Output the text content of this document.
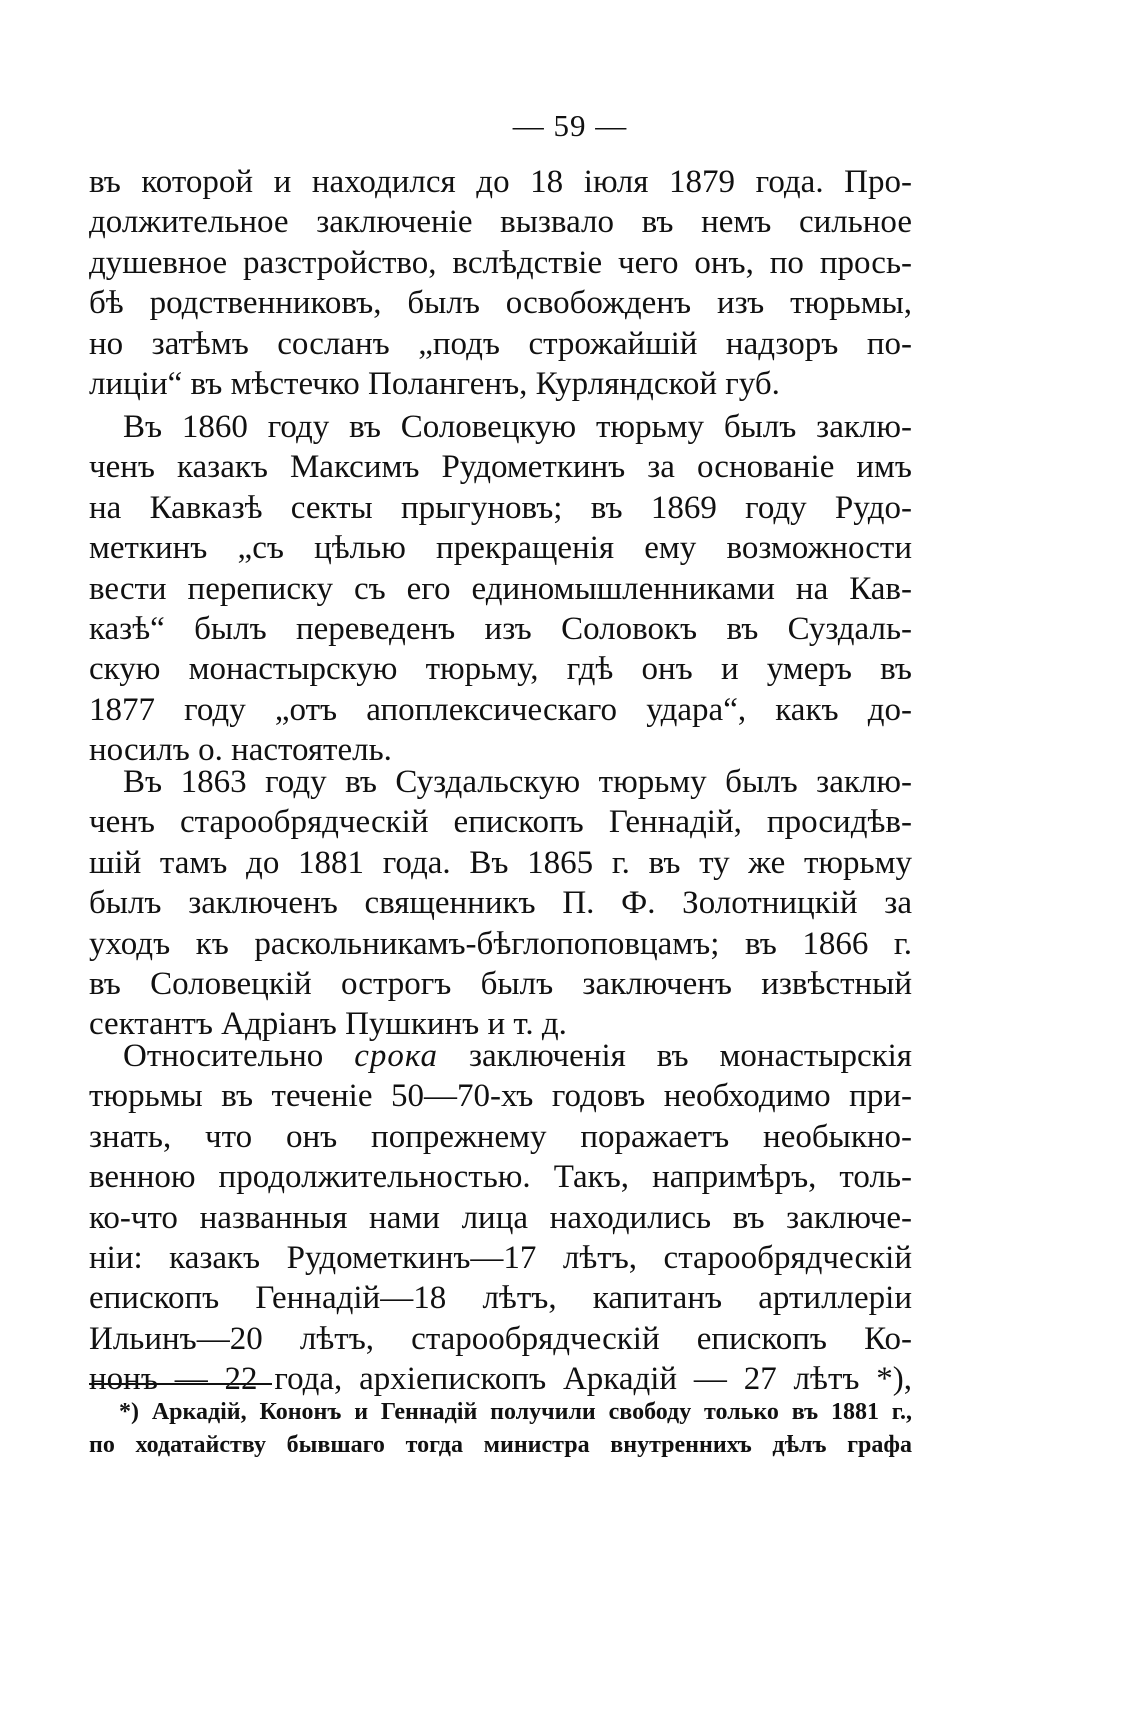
— 59 —
въ которой и находился до 18 іюля 1879 года. Про-
должительное заключеніе вызвало въ немъ сильное
душевное разстройство, вслѣдствіе чего онъ, по прось-
бѣ родственниковъ, былъ освобожденъ изъ тюрьмы,
но затѣмъ сосланъ „подъ строжайшій надзоръ по-
лиціи“ въ мѣстечко Полангенъ, Курляндской губ.
Въ 1860 году въ Соловецкую тюрьму былъ заклю-
ченъ казакъ Максимъ Рудометкинъ за основаніе имъ
на Кавказѣ секты прыгуновъ; въ 1869 году Рудо-
меткинъ „съ цѣлью прекращенія ему возможности
вести переписку съ его единомышленниками на Кав-
казѣ“ былъ переведенъ изъ Соловокъ въ Суздаль-
скую монастырскую тюрьму, гдѣ онъ и умеръ въ
1877 году „отъ апоплексическаго удара“, какъ до-
носилъ о. настоятель.
Въ 1863 году въ Суздальскую тюрьму былъ заклю-
ченъ старообрядческій епископъ Геннадій, просидѣв-
шій тамъ до 1881 года. Въ 1865 г. въ ту же тюрьму
былъ заключенъ священникъ П. Ф. Золотницкій за
уходъ къ раскольникамъ-бѣглопоповцамъ; въ 1866 г.
въ Соловецкій острогъ былъ заключенъ извѣстный
сектантъ Адріанъ Пушкинъ и т. д.
Относительно срока заключенія въ монастырскія
тюрьмы въ теченіе 50—70-хъ годовъ необходимо при-
знать, что онъ попрежнему поражаетъ необыкно-
венною продолжительностью. Такъ, напримѣръ, толь-
ко-что названныя нами лица находились въ заключе-
ніи: казакъ Рудометкинъ—17 лѣтъ, старообрядческій
епископъ Геннадій—18 лѣтъ, капитанъ артиллеріи
Ильинъ—20 лѣтъ, старообрядческій епископъ Ко-
нонъ — 22 года, архіепископъ Аркадій — 27 лѣтъ *),
*) Аркадій, Кононъ и Геннадій получили свободу только въ 1881 г.,
по ходатайству бывшаго тогда министра внутреннихъ дѣлъ графа
